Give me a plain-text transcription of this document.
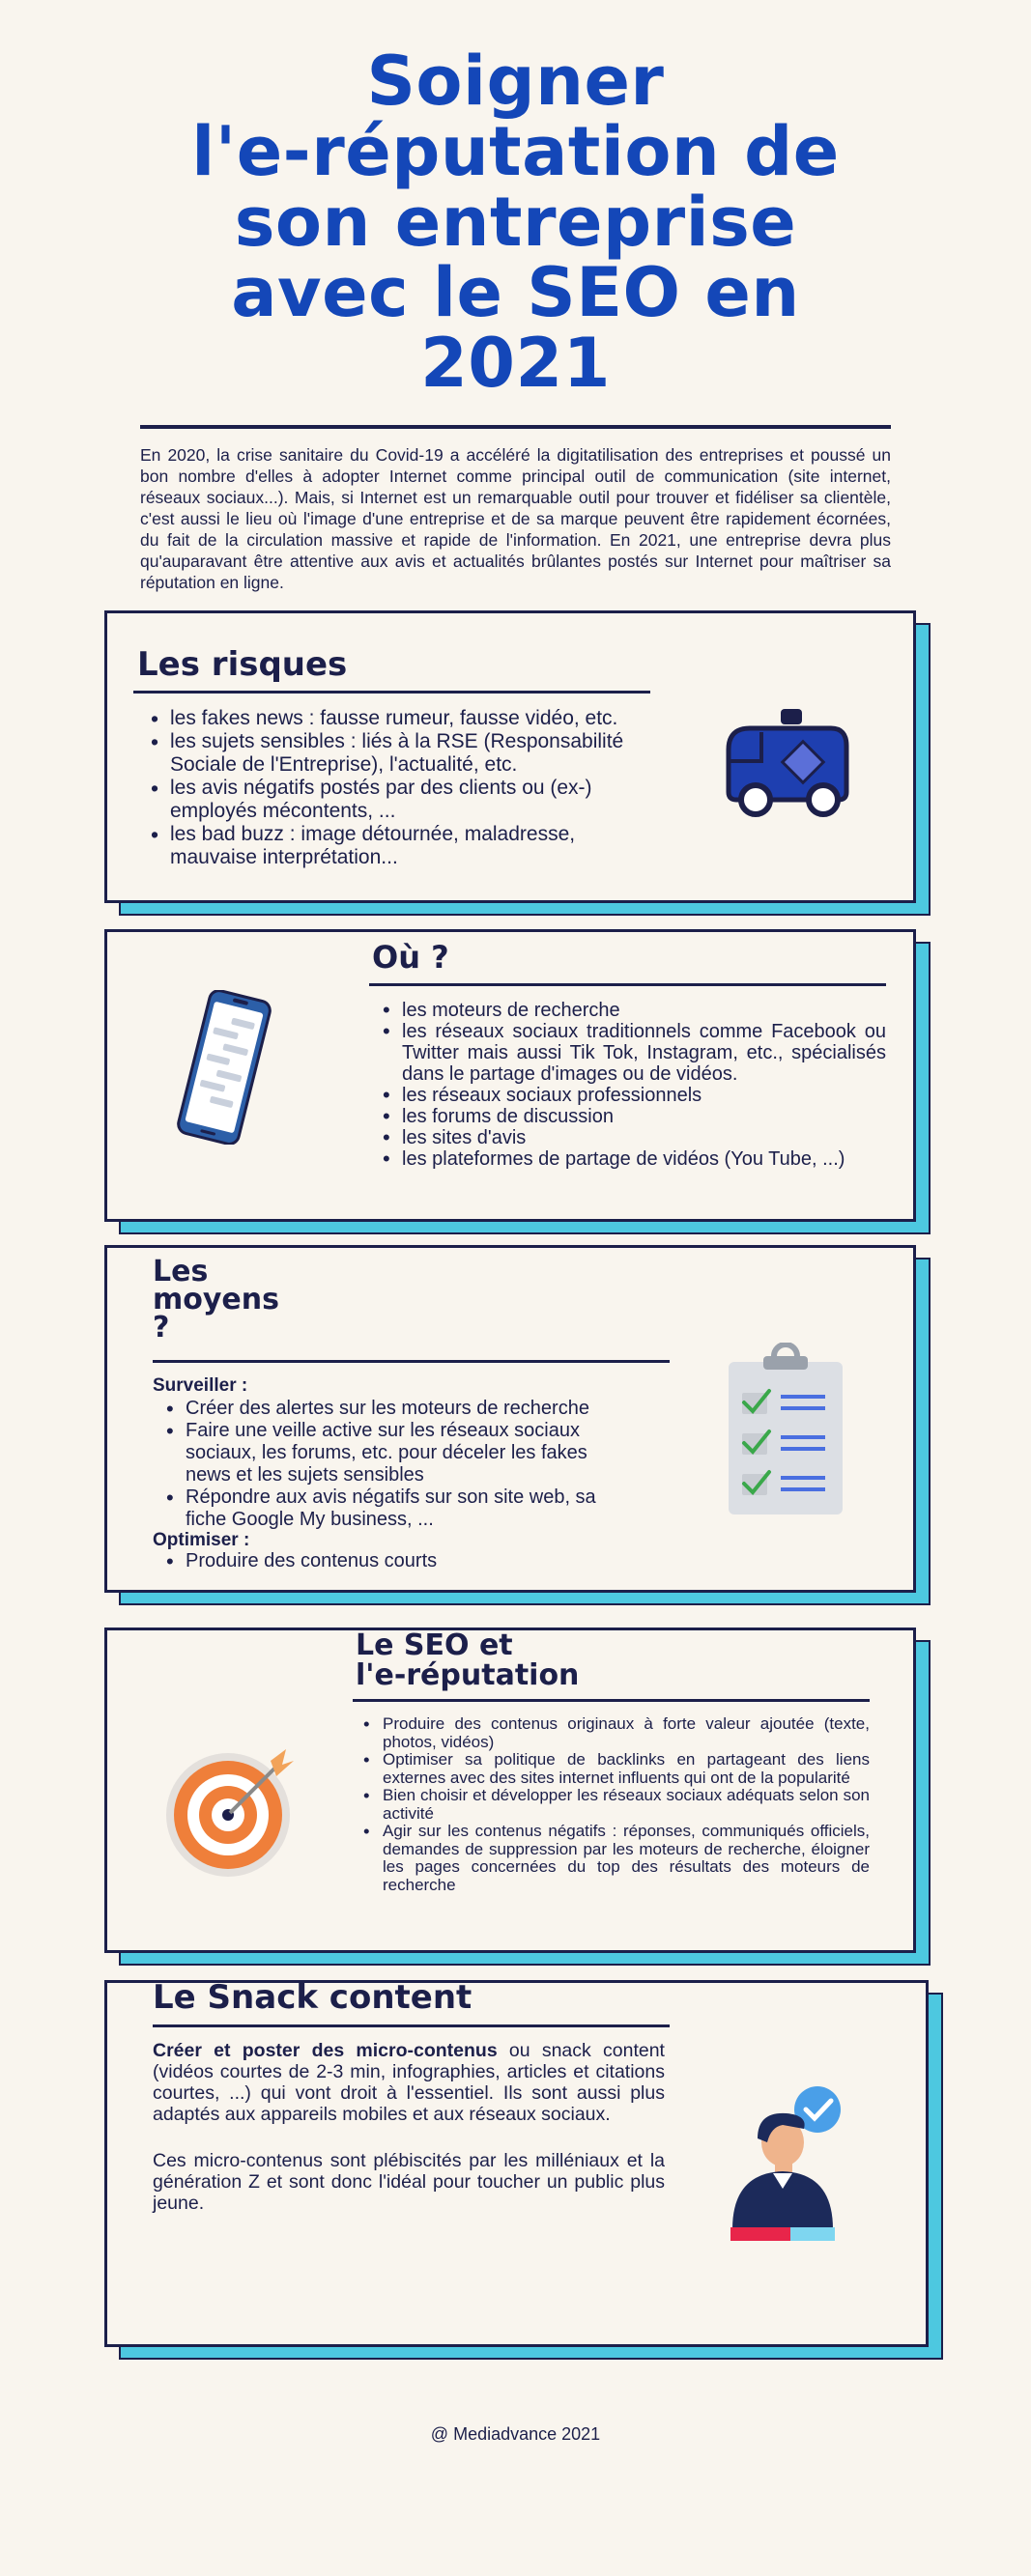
Soigner
l'e-réputation de
son entreprise
avec le SEO en
2021

En 2020, la crise sanitaire du Covid-19 a accéléré la digitatilisation des entreprises et poussé un bon nombre d'elles à adopter Internet comme principal outil de communication (site internet, réseaux sociaux...). Mais, si Internet est un remarquable outil pour trouver et fidéliser sa clientèle, c'est aussi le lieu où l'image d'une entreprise et de sa marque peuvent être rapidement écornées, du fait de la circulation massive et rapide de l'information. En 2021, une entreprise devra plus qu'auparavant être attentive aux avis et actualités brûlantes postés sur Internet pour maîtriser sa réputation en ligne.

Les risques
• les fakes news : fausse rumeur, fausse vidéo, etc.
• les sujets sensibles : liés à la RSE (Responsabilité Sociale de l'Entreprise), l'actualité, etc.
• les avis négatifs postés par des clients ou (ex-) employés mécontents, ...
• les bad buzz : image détournée, maladresse, mauvaise interprétation...
Où ?
• les moteurs de recherche
• les réseaux sociaux traditionnels comme Facebook ou Twitter mais aussi Tik Tok, Instagram, etc., spécialisés dans le partage d'images ou de vidéos.
• les réseaux sociaux professionnels
• les forums de discussion
• les sites d'avis
• les plateformes de partage de vidéos (You Tube, ...)
Les
moyens
?
Surveiller :
• Créer des alertes sur les moteurs de recherche
• Faire une veille active sur les réseaux sociaux sociaux, les forums, etc. pour déceler les fakes news et les sujets sensibles
• Répondre aux avis négatifs sur son site web, sa fiche Google My business, ...
Optimiser :
• Produire des contenus courts
Le SEO et
l'e-réputation
• Produire des contenus originaux à forte valeur ajoutée (texte, photos, vidéos)
• Optimiser sa politique de backlinks en partageant des liens externes avec des sites internet influents qui ont de la popularité
• Bien choisir et développer les réseaux sociaux adéquats selon son activité
• Agir sur les contenus négatifs : réponses, communiqués officiels, demandes de suppression par les moteurs de recherche, éloigner les pages concernées du top des résultats des moteurs de recherche
Le Snack content

Créer et poster des micro-contenus ou snack content (vidéos courtes de 2-3 min, infographies, articles et citations courtes, ...) qui vont droit à l'essentiel. Ils sont aussi plus adaptés aux appareils mobiles et aux réseaux sociaux.

Ces micro-contenus sont plébiscités par les milléniaux et la génération Z et sont donc l'idéal pour toucher un public plus jeune.

@ Mediadvance 2021
